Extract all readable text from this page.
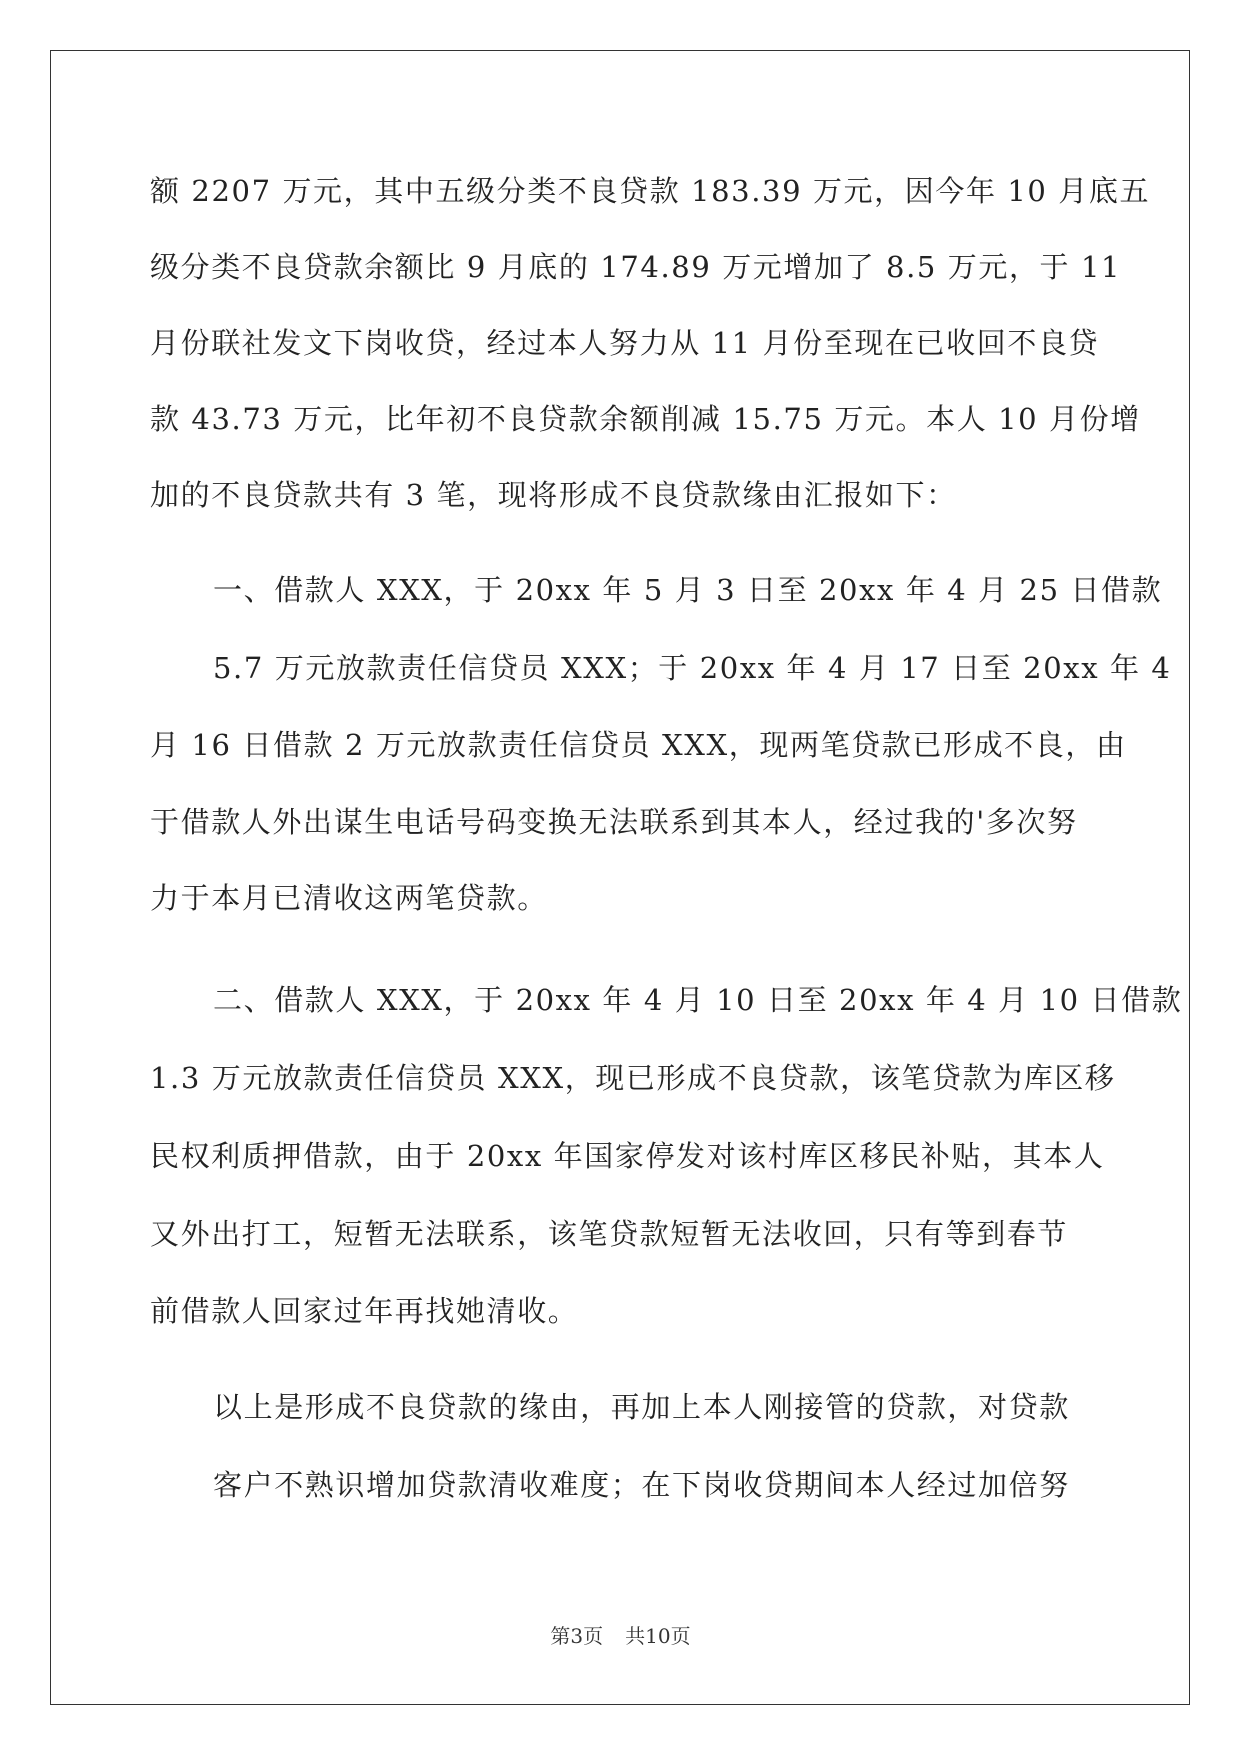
额 2207 万元，其中五级分类不良贷款 183.39 万元，因今年 10 月底五
级分类不良贷款余额比 9 月底的 174.89 万元增加了 8.5 万元，于 11
月份联社发文下岗收贷，经过本人努力从 11 月份至现在已收回不良贷
款 43.73 万元，比年初不良贷款余额削减 15.75 万元。本人 10 月份增
加的不良贷款共有 3 笔，现将形成不良贷款缘由汇报如下：
一、借款人 XXX，于 20xx 年 5 月 3 日至 20xx 年 4 月 25 日借款
5.7 万元放款责任信贷员 XXX；于 20xx 年 4 月 17 日至 20xx 年 4
月 16 日借款 2 万元放款责任信贷员 XXX，现两笔贷款已形成不良，由
于借款人外出谋生电话号码变换无法联系到其本人，经过我的'多次努
力于本月已清收这两笔贷款。
二、借款人 XXX，于 20xx 年 4 月 10 日至 20xx 年 4 月 10 日借款
1.3 万元放款责任信贷员 XXX，现已形成不良贷款，该笔贷款为库区移
民权利质押借款，由于 20xx 年国家停发对该村库区移民补贴，其本人
又外出打工，短暂无法联系，该笔贷款短暂无法收回，只有等到春节
前借款人回家过年再找她清收。
以上是形成不良贷款的缘由，再加上本人刚接管的贷款，对贷款
客户不熟识增加贷款清收难度；在下岗收贷期间本人经过加倍努
第3页 共10页
